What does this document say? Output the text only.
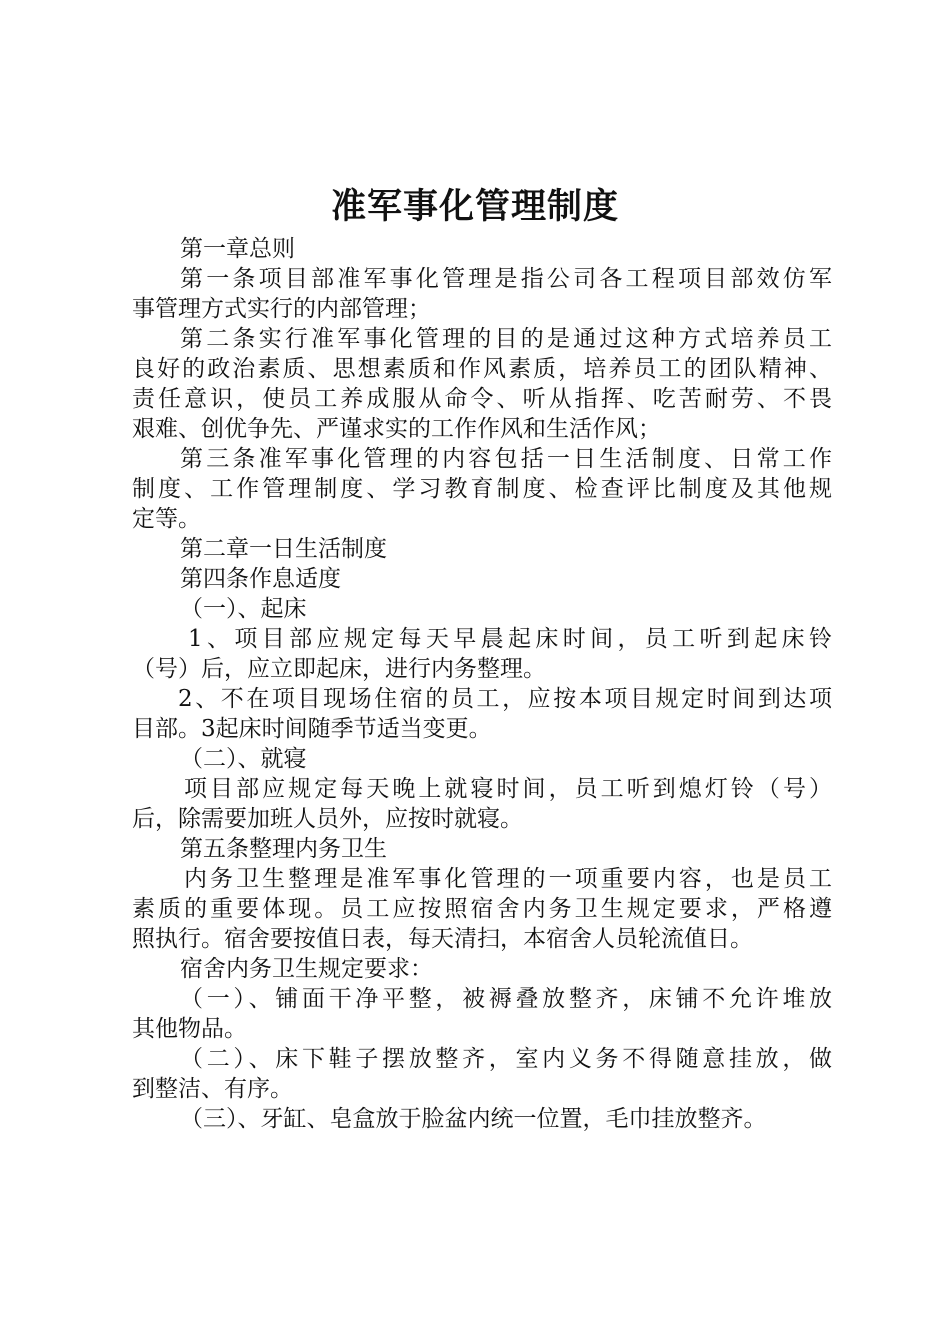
准军事化管理制度
第一章总则
第一条项目部准军事化管理是指公司各工程项目部效仿军
事管理方式实行的内部管理；
第二条实行准军事化管理的目的是通过这种方式培养员工
良好的政治素质、思想素质和作风素质，培养员工的团队精神、
责任意识，使员工养成服从命令、听从指挥、吃苦耐劳、不畏
艰难、创优争先、严谨求实的工作作风和生活作风；
第三条准军事化管理的内容包括一日生活制度、日常工作
制度、工作管理制度、学习教育制度、检查评比制度及其他规
定等。
第二章一日生活制度
第四条作息适度
（一）、起床
1、项目部应规定每天早晨起床时间，员工听到起床铃
（号）后，应立即起床，进行内务整理。
2、不在项目现场住宿的员工，应按本项目规定时间到达项
目部。3起床时间随季节适当变更。
（二）、就寝
项目部应规定每天晚上就寝时间，员工听到熄灯铃（号）
后，除需要加班人员外，应按时就寝。
第五条整理内务卫生
内务卫生整理是准军事化管理的一项重要内容，也是员工
素质的重要体现。员工应按照宿舍内务卫生规定要求，严格遵
照执行。宿舍要按值日表，每天清扫，本宿舍人员轮流值日。
宿舍内务卫生规定要求：
（一）、铺面干净平整，被褥叠放整齐，床铺不允许堆放
其他物品。
（二）、床下鞋子摆放整齐，室内义务不得随意挂放，做
到整洁、有序。
（三）、牙缸、皂盒放于脸盆内统一位置，毛巾挂放整齐。
